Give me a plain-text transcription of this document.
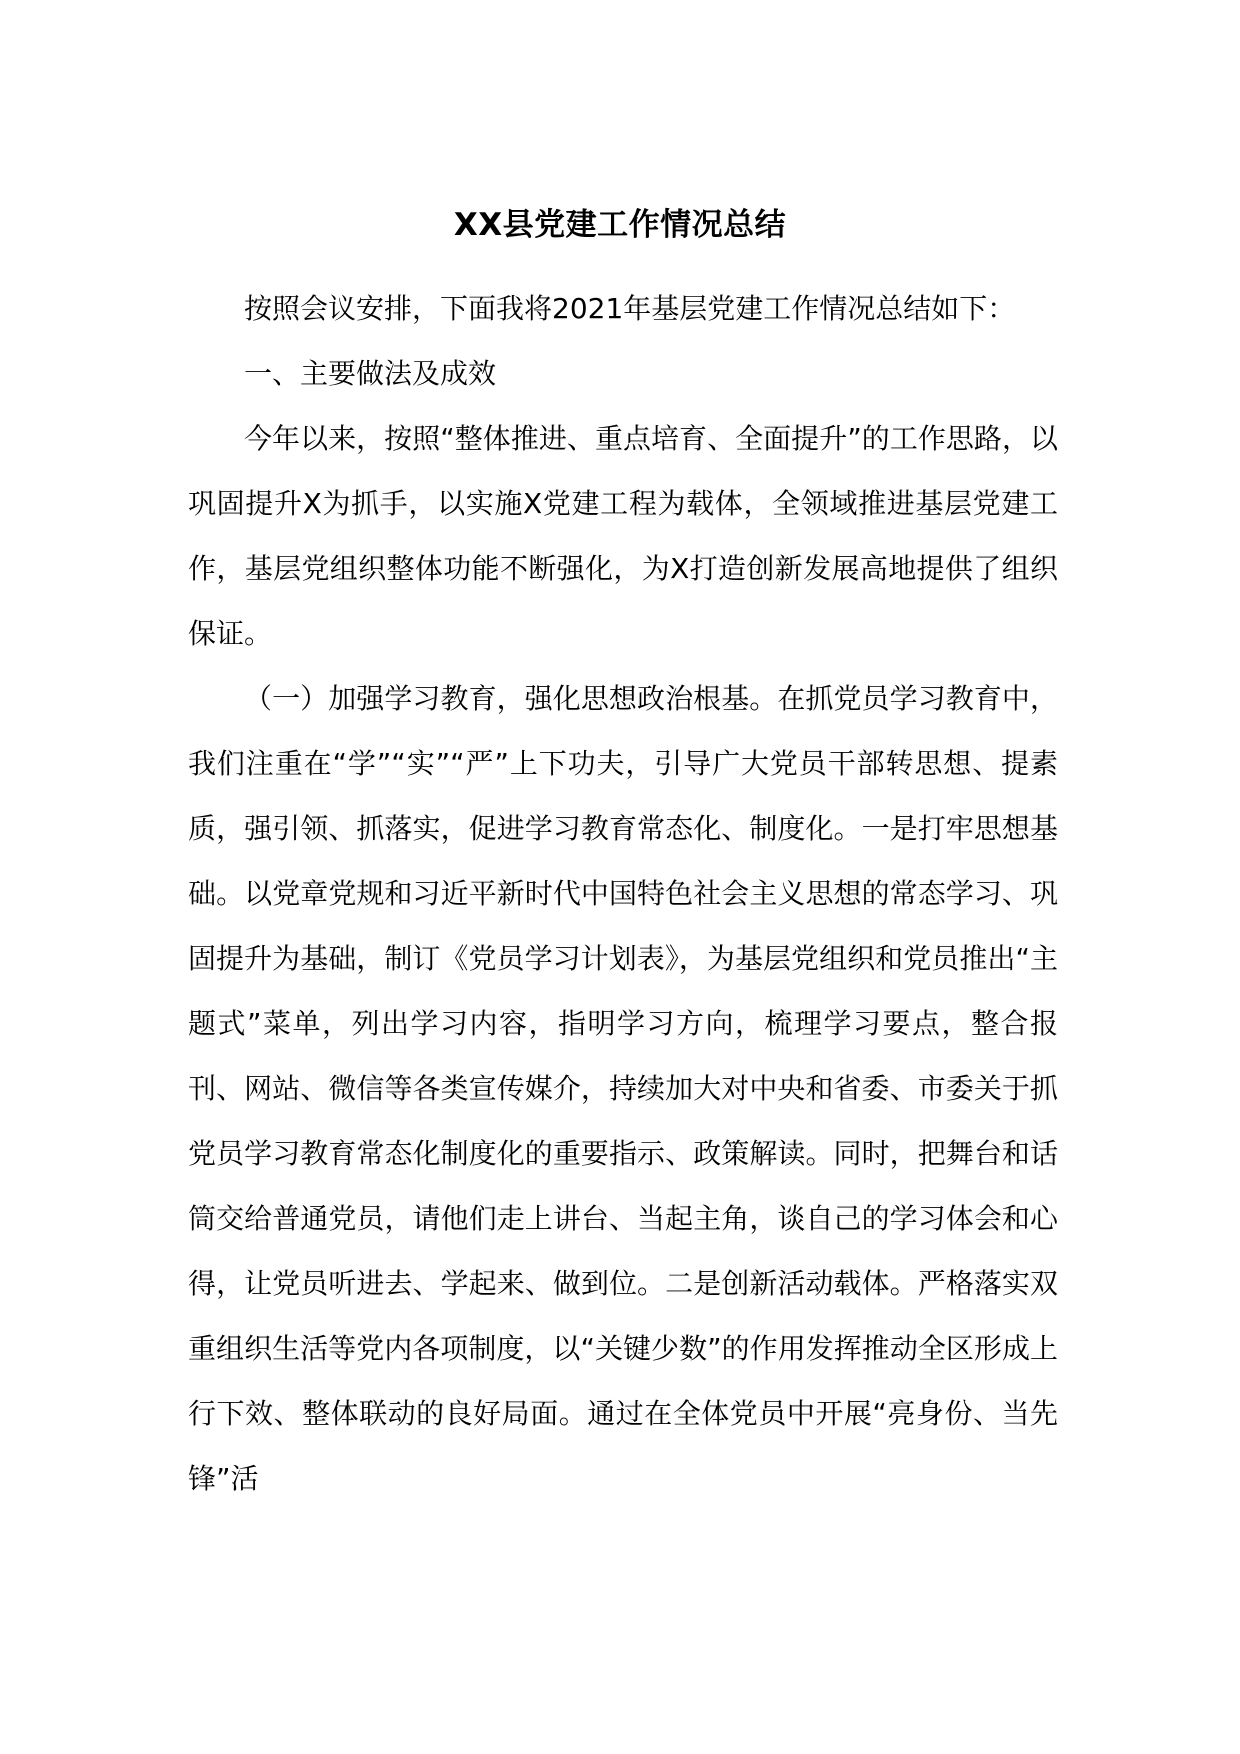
XX县党建工作情况总结

按照会议安排，下面我将2021年基层党建工作情况总结如下：

一、主要做法及成效

今年以来，按照“整体推进、重点培育、全面提升”的工作思路，以巩固提升X为抓手，以实施X党建工程为载体，全领域推进基层党建工作，基层党组织整体功能不断强化，为X打造创新发展高地提供了组织保证。

（一）加强学习教育，强化思想政治根基。在抓党员学习教育中，我们注重在“学”“实”“严”上下功夫，引导广大党员干部转思想、提素质，强引领、抓落实，促进学习教育常态化、制度化。一是打牢思想基础。以党章党规和习近平新时代中国特色社会主义思想的常态学习、巩固提升为基础，制订《党员学习计划表》，为基层党组织和党员推出“主题式”菜单，列出学习内容，指明学习方向，梳理学习要点，整合报刊、网站、微信等各类宣传媒介，持续加大对中央和省委、市委关于抓党员学习教育常态化制度化的重要指示、政策解读。同时，把舞台和话筒交给普通党员，请他们走上讲台、当起主角，谈自己的学习体会和心得，让党员听进去、学起来、做到位。二是创新活动载体。严格落实双重组织生活等党内各项制度，以“关键少数”的作用发挥推动全区形成上行下效、整体联动的良好局面。通过在全体党员中开展“亮身份、当先锋”活
